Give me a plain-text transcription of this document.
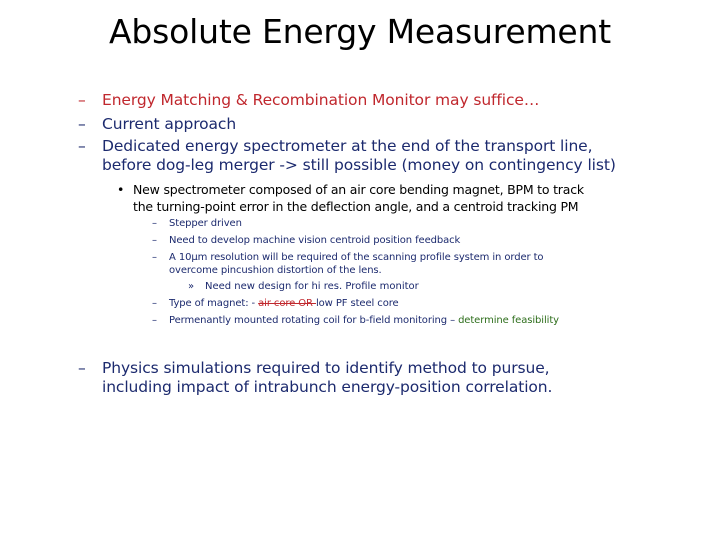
Absolute Energy Measurement
– Energy Matching & Recombination Monitor may suffice…
– Current approach
– Dedicated energy spectrometer at the end of the transport line,
before dog-leg merger -> still possible (money on contingency list)
• New spectrometer composed of an air core bending magnet, BPM to track
the turning-point error in the deflection angle, and a centroid tracking PM
– Stepper driven
– Need to develop machine vision centroid position feedback
– A 10µm resolution will be required of the scanning profile system in order to
overcome pincushion distortion of the lens.
» Need new design for hi res. Profile monitor
– Type of magnet: - air core OR low PF steel core
– Permenantly mounted rotating coil for b-field monitoring – determine feasibility
– Physics simulations required to identify method to pursue,
including impact of intrabunch energy-position correlation.
